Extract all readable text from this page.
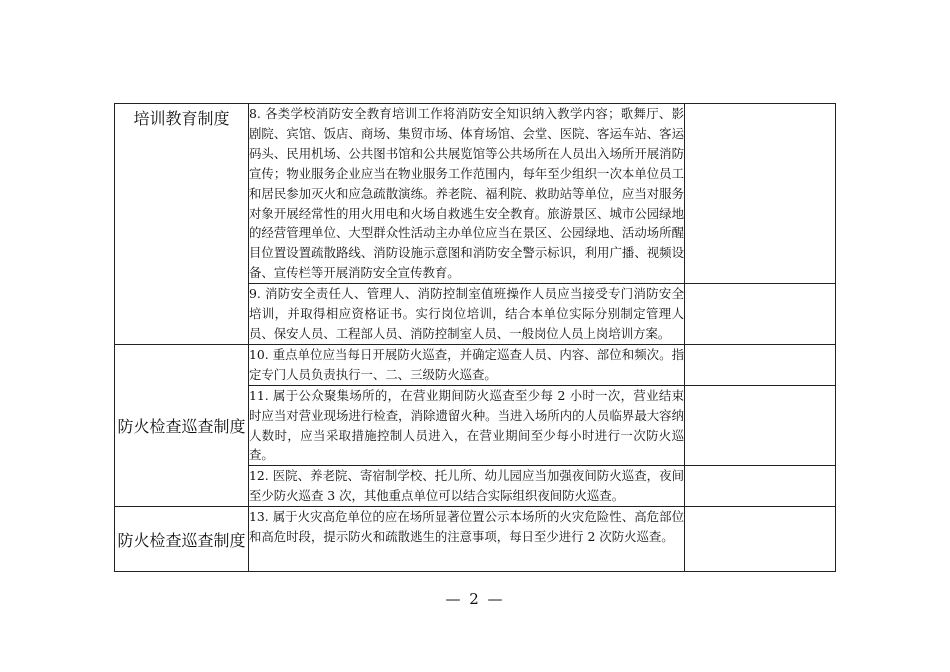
培训教育制度	8. 各类学校消防安全教育培训工作将消防安全知识纳入教学内容；歌舞厅、影剧院、宾馆、饭店、商场、集贸市场、体育场馆、会堂、医院、客运车站、客运码头、民用机场、公共图书馆和公共展览馆等公共场所在人员出入场所开展消防宣传；物业服务企业应当在物业服务工作范围内，每年至少组织一次本单位员工和居民参加灭火和应急疏散演练。养老院、福利院、救助站等单位，应当对服务对象开展经常性的用火用电和火场自救逃生安全教育。旅游景区、城市公园绿地的经营管理单位、大型群众性活动主办单位应当在景区、公园绿地、活动场所醒目位置设置疏散路线、消防设施示意图和消防安全警示标识，利用广播、视频设备、宣传栏等开展消防安全宣传教育。	
	9. 消防安全责任人、管理人、消防控制室值班操作人员应当接受专门消防安全培训，并取得相应资格证书。实行岗位培训，结合本单位实际分别制定管理人员、保安人员、工程部人员、消防控制室人员、一般岗位人员上岗培训方案。	
防火检查巡查制度	10. 重点单位应当每日开展防火巡查，并确定巡查人员、内容、部位和频次。指定专门人员负责执行一、二、三级防火巡查。	
	11. 属于公众聚集场所的，在营业期间防火巡查至少每 2 小时一次，营业结束时应当对营业现场进行检查，消除遗留火种。当进入场所内的人员临界最大容纳人数时，应当采取措施控制人员进入，在营业期间至少每小时进行一次防火巡查。	
	12. 医院、养老院、寄宿制学校、托儿所、幼儿园应当加强夜间防火巡查，夜间至少防火巡查 3 次，其他重点单位可以结合实际组织夜间防火巡查。	
防火检查巡查制度	13. 属于火灾高危单位的应在场所显著位置公示本场所的火灾危险性、高危部位和高危时段，提示防火和疏散逃生的注意事项，每日至少进行 2 次防火巡查。	
— 2 —
